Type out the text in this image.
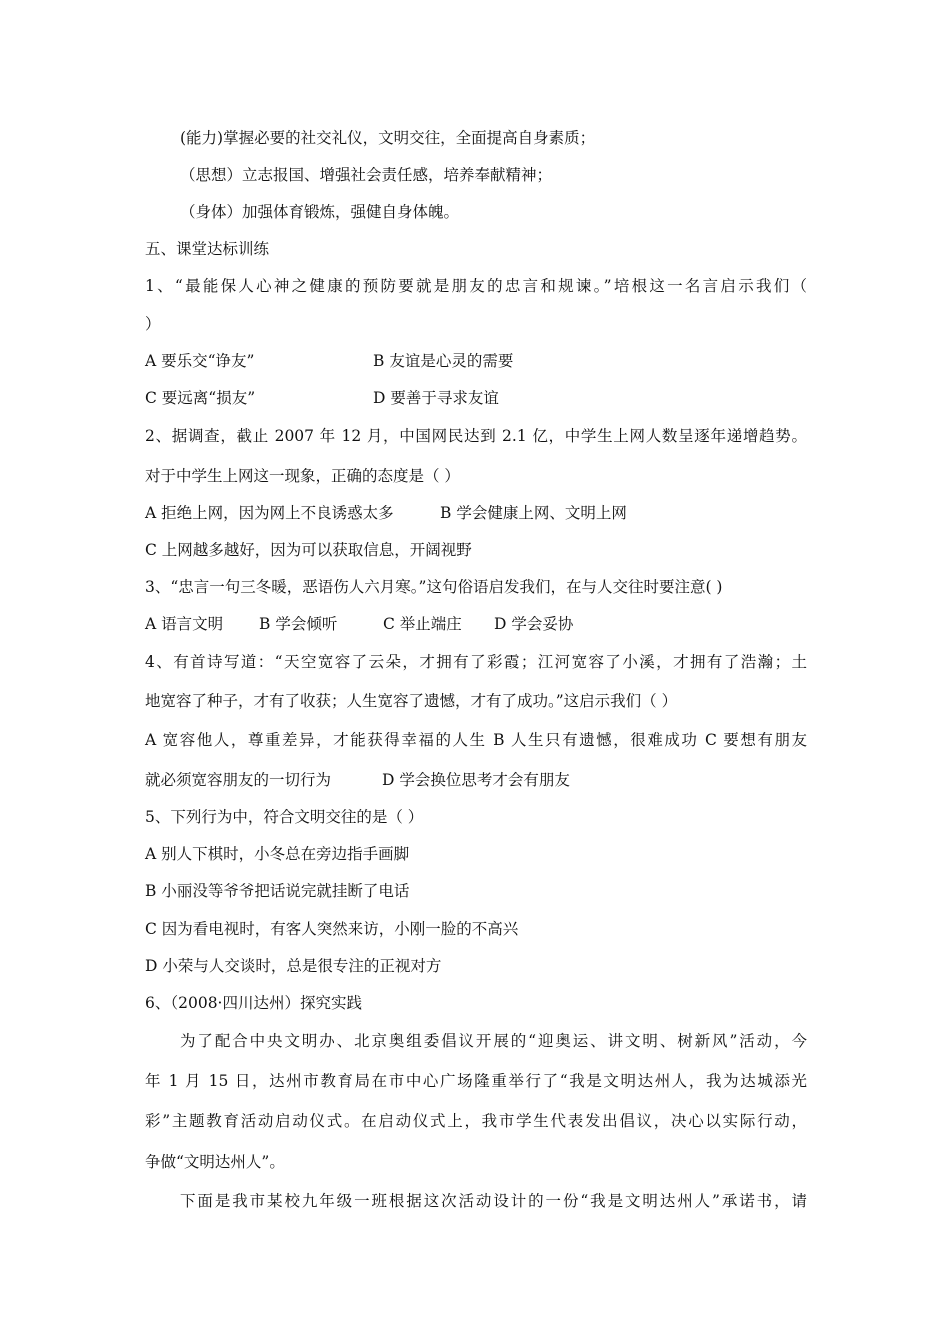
(能力)掌握必要的社交礼仪，文明交往，全面提高自身素质；
（思想）立志报国、增强社会责任感，培养奉献精神；
（身体）加强体育锻炼，强健自身体魄。
五、课堂达标训练
1、“最能保人心神之健康的预防要就是朋友的忠言和规谏。”培根这一名言启示我们（
）
A 要乐交“诤友”	B 友谊是心灵的需要
C 要远离“损友”	D 要善于寻求友谊
2、据调查，截止 2007 年 12 月，中国网民达到 2.1 亿，中学生上网人数呈逐年递增趋势。
对于中学生上网这一现象，正确的态度是（ ）
A 拒绝上网，因为网上不良诱惑太多	B 学会健康上网、文明上网
C 上网越多越好，因为可以获取信息，开阔视野
3、“忠言一句三冬暖，恶语伤人六月寒。”这句俗语启发我们，在与人交往时要注意( )
A 语言文明 B 学会倾听	C 举止端庄 D 学会妥协
4、有首诗写道：“天空宽容了云朵，才拥有了彩霞；江河宽容了小溪，才拥有了浩瀚；土
地宽容了种子，才有了收获；人生宽容了遗憾，才有了成功。”这启示我们（ ）
A 宽容他人，尊重差异，才能获得幸福的人生 B 人生只有遗憾，很难成功 C 要想有朋友
就必须宽容朋友的一切行为	D 学会换位思考才会有朋友
5、下列行为中，符合文明交往的是（ ）
A 别人下棋时，小冬总在旁边指手画脚
B 小丽没等爷爷把话说完就挂断了电话
C 因为看电视时，有客人突然来访，小刚一脸的不高兴
D 小荣与人交谈时，总是很专注的正视对方
6、（2008·四川达州）探究实践
为了配合中央文明办、北京奥组委倡议开展的“迎奥运、讲文明、树新风”活动，今
年 1 月 15 日，达州市教育局在市中心广场隆重举行了“我是文明达州人，我为达城添光
彩”主题教育活动启动仪式。在启动仪式上，我市学生代表发出倡议，决心以实际行动，
争做“文明达州人”。
下面是我市某校九年级一班根据这次活动设计的一份“我是文明达州人”承诺书，请
